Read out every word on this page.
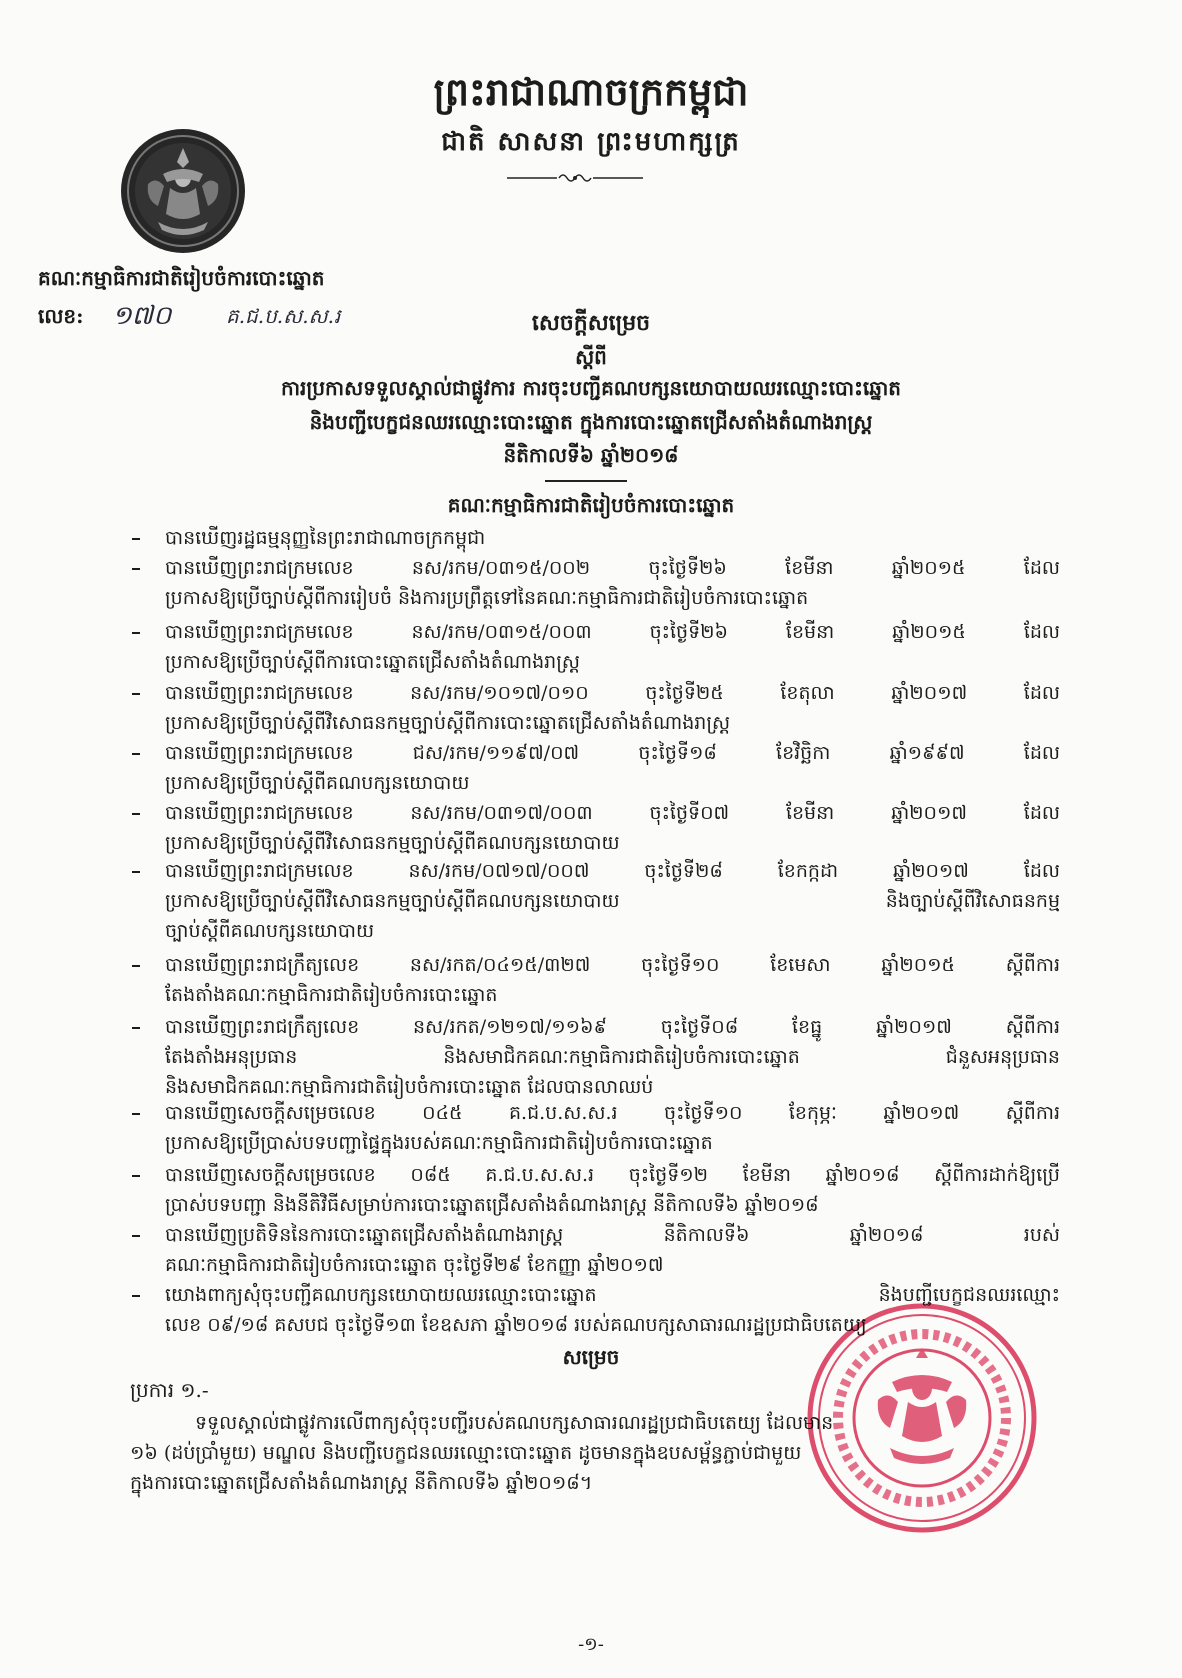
ព្រះរាជាណាចក្រកម្ពុជា
ជាតិ សាសនា ព្រះមហាក្សត្រ
គណៈកម្មាធិការជាតិរៀបចំការបោះឆ្នោត
លេខ: ១៧០	គ.ជ.ប.ស.ស.រ	សេចក្តីសម្រេច
ស្តីពី
ការប្រកាសទទួលស្គាល់ជាផ្លូវការ ការចុះបញ្ជីគណបក្សនយោបាយឈរឈ្មោះបោះឆ្នោត
និងបញ្ជីបេក្ខជនឈរឈ្មោះបោះឆ្នោត ក្នុងការបោះឆ្នោតជ្រើសតាំងតំណាងរាស្ត្រ
នីតិកាលទី៦ ឆ្នាំ២០១៨
គណៈកម្មាធិការជាតិរៀបចំការបោះឆ្នោត
បានឃើញរដ្ឋធម្មនុញ្ញនៃព្រះរាជាណាចក្រកម្ពុជា
បានឃើញព្រះរាជក្រមលេខ នស/រកម/០៣១៥/០០២ ចុះថ្ងៃទី២៦ ខែមីនា ឆ្នាំ២០១៥ ដែល
ប្រកាសឱ្យប្រើច្បាប់ស្តីពីការរៀបចំ និងការប្រព្រឹត្តទៅនៃគណៈកម្មាធិការជាតិរៀបចំការបោះឆ្នោត
បានឃើញព្រះរាជក្រមលេខ នស/រកម/០៣១៥/០០៣ ចុះថ្ងៃទី២៦ ខែមីនា ឆ្នាំ២០១៥ ដែល
ប្រកាសឱ្យប្រើច្បាប់ស្តីពីការបោះឆ្នោតជ្រើសតាំងតំណាងរាស្ត្រ
បានឃើញព្រះរាជក្រមលេខ នស/រកម/១០១៧/០១០ ចុះថ្ងៃទី២៥ ខែតុលា ឆ្នាំ២០១៧ ដែល
ប្រកាសឱ្យប្រើច្បាប់ស្តីពីវិសោធនកម្មច្បាប់ស្តីពីការបោះឆ្នោតជ្រើសតាំងតំណាងរាស្ត្រ
បានឃើញព្រះរាជក្រមលេខ ជស/រកម/១១៩៧/០៧ ចុះថ្ងៃទី១៨ ខែវិច្ឆិកា ឆ្នាំ១៩៩៧ ដែល
ប្រកាសឱ្យប្រើច្បាប់ស្តីពីគណបក្សនយោបាយ
បានឃើញព្រះរាជក្រមលេខ នស/រកម/០៣១៧/០០៣ ចុះថ្ងៃទី០៧ ខែមីនា ឆ្នាំ២០១៧ ដែល
ប្រកាសឱ្យប្រើច្បាប់ស្តីពីវិសោធនកម្មច្បាប់ស្តីពីគណបក្សនយោបាយ
បានឃើញព្រះរាជក្រមលេខ នស/រកម/០៧១៧/០០៧ ចុះថ្ងៃទី២៨ ខែកក្កដា ឆ្នាំ២០១៧ ដែល
ប្រកាសឱ្យប្រើច្បាប់ស្តីពីវិសោធនកម្មច្បាប់ស្តីពីគណបក្សនយោបាយ និងច្បាប់ស្តីពីវិសោធនកម្ម
ច្បាប់ស្តីពីគណបក្សនយោបាយ
បានឃើញព្រះរាជក្រឹត្យលេខ នស/រកត/០៤១៥/៣២៧ ចុះថ្ងៃទី១០ ខែមេសា ឆ្នាំ២០១៥ ស្តីពីការ
តែងតាំងគណៈកម្មាធិការជាតិរៀបចំការបោះឆ្នោត
បានឃើញព្រះរាជក្រឹត្យលេខ នស/រកត/១២១៧/១១៦៩ ចុះថ្ងៃទី០៨ ខែធ្នូ ឆ្នាំ២០១៧ ស្តីពីការ
តែងតាំងអនុប្រធាន និងសមាជិកគណៈកម្មាធិការជាតិរៀបចំការបោះឆ្នោត ជំនួសអនុប្រធាន
និងសមាជិកគណៈកម្មាធិការជាតិរៀបចំការបោះឆ្នោត ដែលបានលាឈប់
បានឃើញសេចក្តីសម្រេចលេខ ០៤៥ គ.ជ.ប.ស.ស.រ ចុះថ្ងៃទី១០ ខែកុម្ភៈ ឆ្នាំ២០១៧ ស្តីពីការ
ប្រកាសឱ្យប្រើប្រាស់បទបញ្ជាផ្ទៃក្នុងរបស់គណៈកម្មាធិការជាតិរៀបចំការបោះឆ្នោត
បានឃើញសេចក្តីសម្រេចលេខ ០៨៥ គ.ជ.ប.ស.ស.រ ចុះថ្ងៃទី១២ ខែមីនា ឆ្នាំ២០១៨ ស្តីពីការដាក់ឱ្យប្រើ
ប្រាស់បទបញ្ជា និងនីតិវិធីសម្រាប់ការបោះឆ្នោតជ្រើសតាំងតំណាងរាស្ត្រ នីតិកាលទី៦ ឆ្នាំ២០១៨
បានឃើញប្រតិទិននៃការបោះឆ្នោតជ្រើសតាំងតំណាងរាស្ត្រ នីតិកាលទី៦ ឆ្នាំ២០១៨ របស់
គណៈកម្មាធិការជាតិរៀបចំការបោះឆ្នោត ចុះថ្ងៃទី២៩ ខែកញ្ញា ឆ្នាំ២០១៧
យោងពាក្យសុំចុះបញ្ជីគណបក្សនយោបាយឈរឈ្មោះបោះឆ្នោត និងបញ្ជីបេក្ខជនឈរឈ្មោះ
លេខ ០៩/១៨ គសបជ ចុះថ្ងៃទី១៣ ខែឧសភា ឆ្នាំ២០១៨ របស់គណបក្សសាធារណរដ្ឋប្រជាធិបតេយ្យ
សម្រេច
ប្រការ ១.-
ទទួលស្គាល់ជាផ្លូវការលើពាក្យសុំចុះបញ្ជីរបស់គណបក្សសាធារណរដ្ឋប្រជាធិបតេយ្យ ដែលមាន
១៦ (ដប់ប្រាំមួយ) មណ្ឌល និងបញ្ជីបេក្ខជនឈរឈ្មោះបោះឆ្នោត ដូចមានក្នុងឧបសម្ព័ន្ធភ្ជាប់ជាមួយ
ក្នុងការបោះឆ្នោតជ្រើសតាំងតំណាងរាស្ត្រ នីតិកាលទី៦ ឆ្នាំ២០១៨។
-១-
